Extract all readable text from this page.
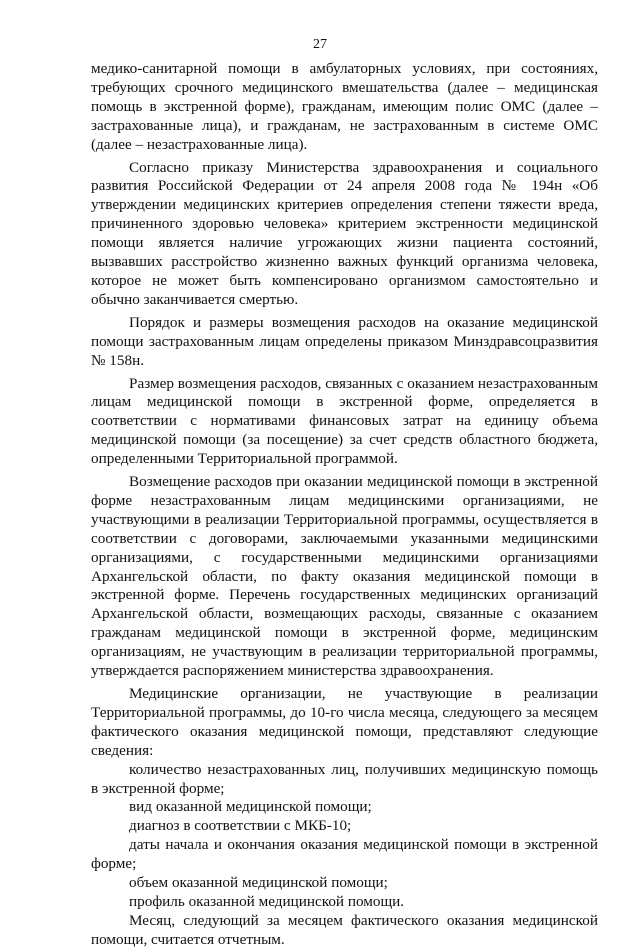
27

медико-санитарной помощи в амбулаторных условиях, при состояниях, требующих срочного медицинского вмешательства (далее – медицинская помощь в экстренной форме), гражданам, имеющим полис ОМС (далее – застрахованные лица), и гражданам, не застрахованным в системе ОМС (далее – незастрахованные лица).

Согласно приказу Министерства здравоохранения и социального развития Российской Федерации от 24 апреля 2008 года № 194н «Об утверждении медицинских критериев определения степени тяжести вреда, причиненного здоровью человека» критерием экстренности медицинской помощи является наличие угрожающих жизни пациента состояний, вызвавших расстройство жизненно важных функций организма человека, которое не может быть компенсировано организмом самостоятельно и обычно заканчивается смертью.

Порядок и размеры возмещения расходов на оказание медицинской помощи застрахованным лицам определены приказом Минздравсоцразвития № 158н.

Размер возмещения расходов, связанных с оказанием незастрахованным лицам медицинской помощи в экстренной форме, определяется в соответствии с нормативами финансовых затрат на единицу объема медицинской помощи (за посещение) за счет средств областного бюджета, определенными Территориальной программой.

Возмещение расходов при оказании медицинской помощи в экстренной форме незастрахованным лицам медицинскими организациями, не участвующими в реализации Территориальной программы, осуществляется в соответствии с договорами, заключаемыми указанными медицинскими организациями, с государственными медицинскими организациями Архангельской области, по факту оказания медицинской помощи в экстренной форме. Перечень государственных медицинских организаций Архангельской области, возмещающих расходы, связанные с оказанием гражданам медицинской помощи в экстренной форме, медицинским организациям, не участвующим в реализации территориальной программы, утверждается распоряжением министерства здравоохранения.

Медицинские организации, не участвующие в реализации Территориальной программы, до 10-го числа месяца, следующего за месяцем фактического оказания медицинской помощи, представляют следующие сведения:

количество незастрахованных лиц, получивших медицинскую помощь в экстренной форме;

вид оказанной медицинской помощи;

диагноз в соответствии с МКБ-10;

даты начала и окончания оказания медицинской помощи в экстренной форме;

объем оказанной медицинской помощи;

профиль оказанной медицинской помощи.

Месяц, следующий за месяцем фактического оказания медицинской помощи, считается отчетным.
